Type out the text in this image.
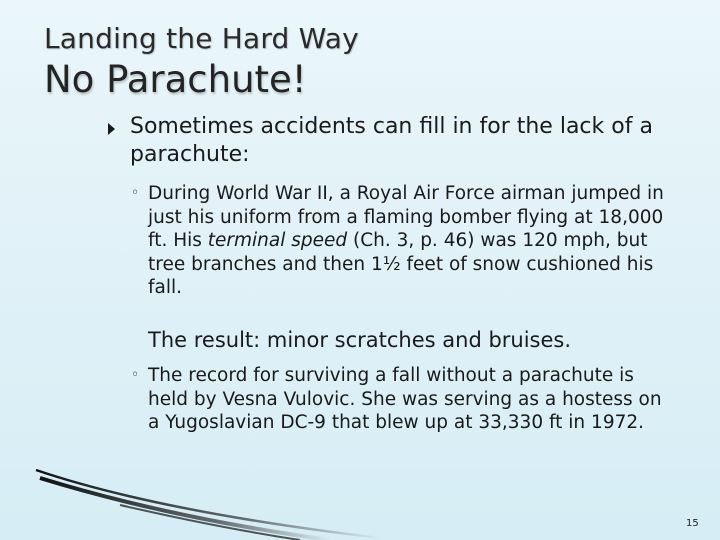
Landing the Hard Way
No Parachute!
Sometimes accidents can fill in for the lack of a parachute:
◦ During World War II, a Royal Air Force airman jumped in just his uniform from a flaming bomber flying at 18,000 ft. His terminal speed (Ch. 3, p. 46) was 120 mph, but tree branches and then 1½ feet of snow cushioned his fall.
The result: minor scratches and bruises.
◦ The record for surviving a fall without a parachute is held by Vesna Vulovic. She was serving as a hostess on a Yugoslavian DC-9 that blew up at 33,330 ft in 1972.
15
